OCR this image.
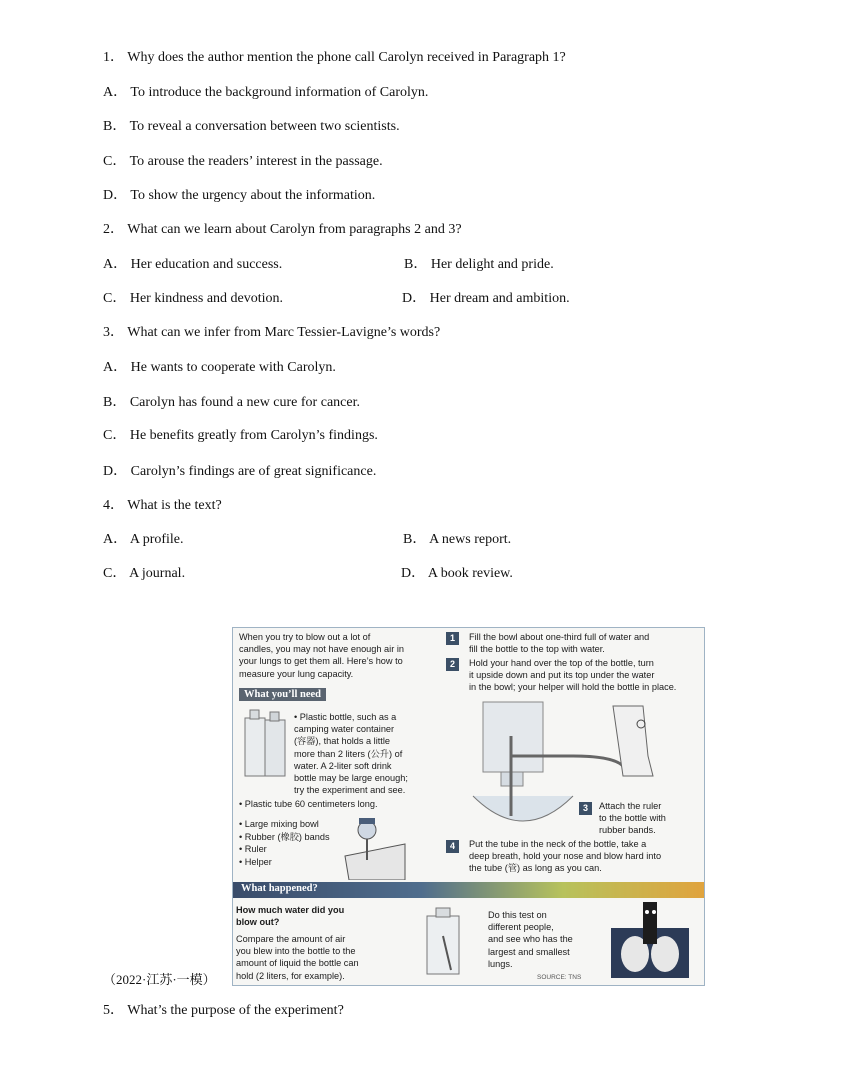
1． Why does the author mention the phone call Carolyn received in Paragraph 1?
A． To introduce the background information of Carolyn.
B． To reveal a conversation between two scientists.
C． To arouse the readers’ interest in the passage.
D． To show the urgency about the information.
2． What can we learn about Carolyn from paragraphs 2 and 3?
A． Her education and success.	B． Her delight and pride.
C． Her kindness and devotion.	D． Her dream and ambition.
3． What can we infer from Marc Tessier-Lavigne’s words?
A． He wants to cooperate with Carolyn.
B． Carolyn has found a new cure for cancer.
C． He benefits greatly from Carolyn’s findings.
D． Carolyn’s findings are of great significance.
4． What is the text?
A． A profile.	B． A news report.
C． A journal.	D． A book review.
When you try to blow out a lot of
candles, you may not have enough air in
your lungs to get them all. Here’s how to
measure your lung capacity.
What you’ll need
• Plastic bottle, such as a
camping water container
(容器), that holds a little
more than 2 liters (公升) of
water. A 2-liter soft drink
bottle may be large enough;
try the experiment and see.
• Plastic tube 60 centimeters long.
• Large mixing bowl
• Rubber (橡胶) bands
• Ruler
• Helper
1	Fill the bowl about one-third full of water and
fill the bottle to the top with water.
2	Hold your hand over the top of the bottle, turn
it upside down and put its top under the water
in the bowl; your helper will hold the bottle in place.
3	Attach the ruler
to the bottle with
rubber bands.
4	Put the tube in the neck of the bottle, take a
deep breath, hold your nose and blow hard into
the tube (管) as long as you can.
What happened?
How much water did you
blow out?
Compare the amount of air
you blew into the bottle to the
amount of liquid the bottle can
hold (2 liters, for example).
Do this test on
different people,
and see who has the
largest and smallest
lungs.
SOURCE: TNS
（2022·江苏·一模）
5． What’s the purpose of the experiment?
